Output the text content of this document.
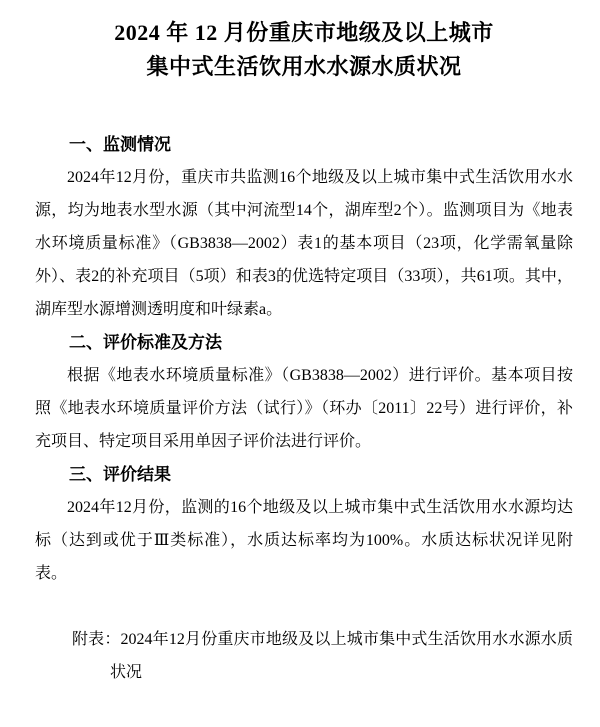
2024 年 12 月份重庆市地级及以上城市
集中式生活饮用水水源水质状况
一、监测情况

2024年12月份，重庆市共监测16个地级及以上城市集中式生活饮用水水源，均为地表水型水源（其中河流型14个，湖库型2个）。监测项目为《地表水环境质量标准》（GB3838—2002）表1的基本项目（23项，化学需氧量除外）、表2的补充项目（5项）和表3的优选特定项目（33项），共61项。其中，湖库型水源增测透明度和叶绿素a。

二、评价标准及方法

根据《地表水环境质量标准》（GB3838—2002）进行评价。基本项目按照《地表水环境质量评价方法（试行）》（环办〔2011〕22号）进行评价，补充项目、特定项目采用单因子评价法进行评价。

三、评价结果

2024年12月份，监测的16个地级及以上城市集中式生活饮用水水源均达标（达到或优于Ⅲ类标准），水质达标率均为100%。水质达标状况详见附表。

附表：2024年12月份重庆市地级及以上城市集中式生活饮用水水源水质状况
